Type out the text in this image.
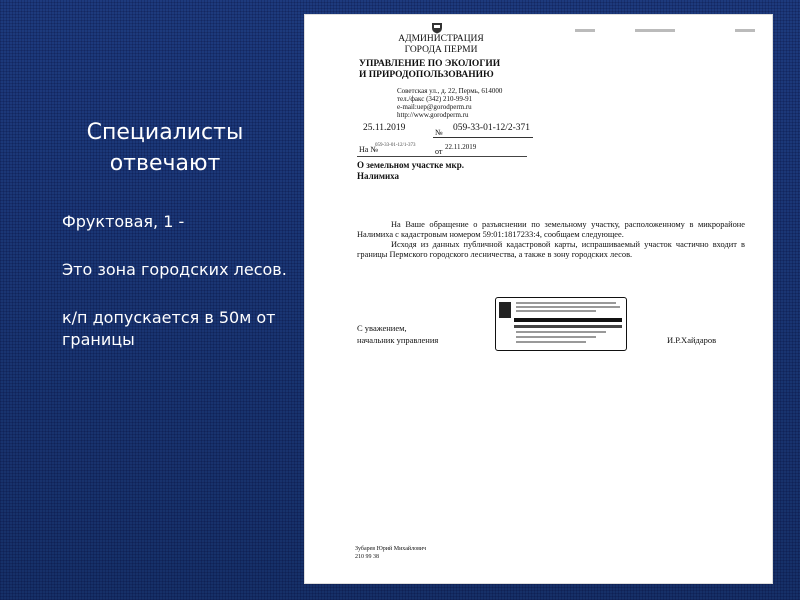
Специалисты отвечают

Фруктовая, 1 -

Это зона городских лесов.

к/п допускается в 50м от границы

АДМИНИСТРАЦИЯ
ГОРОДА ПЕРМИ
УПРАВЛЕНИЕ ПО ЭКОЛОГИИ
И ПРИРОДОПОЛЬЗОВАНИЮ
Советская ул., д. 22, Пермь, 614000
тел./факс (342) 210-99-91
e-mail:uep@gorodperm.ru
http://www.gorodperm.ru
25.11.2019	№ 059-33-01-12/2-371
На №
059-33-01-12/1-373
от 22.11.2019
О земельном участке мкр.
Налимиха

На Ваше обращение о разъяснении по земельному участку, расположенному в микрорайоне Налимиха с кадастровым номером 59:01:1817233:4, сообщаем следующее.

Исходя из данных публичной кадастровой карты, испрашиваемый участок частично входит в границы Пермского городского лесничества, а также в зону городских лесов.

С уважением,
начальник управления	И.Р.Хайдаров
Зубарев Юрий Михайлович
210 99 38
